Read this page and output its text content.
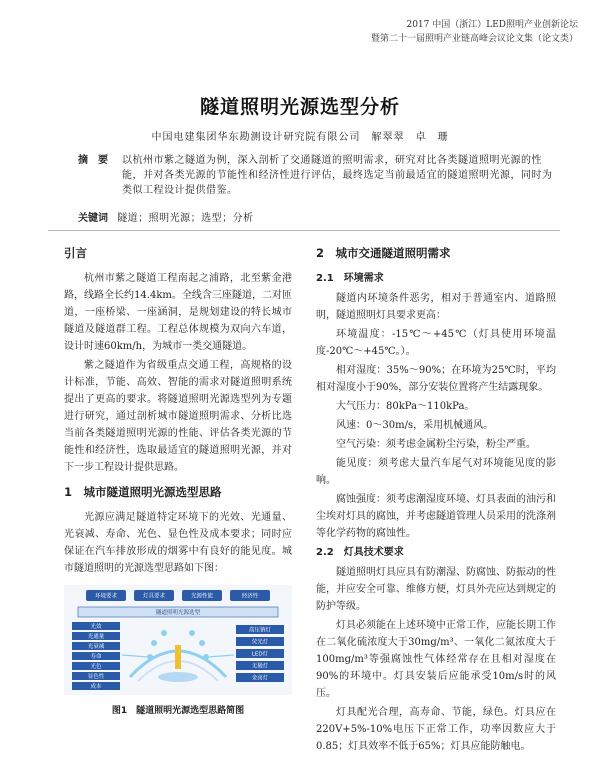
2017 中国（浙江）LED照明产业创新论坛
暨第二十一届照明产业链高峰会议论文集（论文类）
隧道照明光源选型分析
中国电建集团华东勘测设计研究院有限公司　解翠翠　卓　珊
摘　要 以杭州市紫之隧道为例，深入剖析了交通隧道的照明需求，研究对比各类隧道照明光源的性能，并对各类光源的节能性和经济性进行评估，最终选定当前最适宜的隧道照明光源，同时为类似工程设计提供借鉴。
关键词 隧道；照明光源；选型；分析
引言

杭州市紫之隧道工程南起之浦路，北至紫金港路，线路全长约14.4km。全线含三座隧道，二对匝道，一座桥梁、一座涵洞，是规划建设的特长城市隧道及隧道群工程。工程总体规模为双向六车道，设计时速60km/h，为城市一类交通隧道。

紫之隧道作为省级重点交通工程，高规格的设计标准，节能、高效、智能的需求对隧道照明系统提出了更高的要求。将隧道照明光源选型列为专题进行研究，通过剖析城市隧道照明需求、分析比选当前各类隧道照明光源的性能、评估各类光源的节能性和经济性，选取最适宜的隧道照明光源，并对下一步工程设计提供思路。

1　城市隧道照明光源选型思路

光源应满足隧道特定环境下的光效、光通量、光衰减、寿命、光色、显色性及成本要求；同时应保证在汽车排放形成的烟雾中有良好的能见度。城市隧道照明的光源选型思路如下图：

环境要求	灯具要求	光源性能	经济性
隧道照明光源选型
光效
光通量
光衰减
寿命
光色
显色性
成本
高压钠灯
荧光灯
LED灯
无极灯
金卤灯
图1　隧道照明光源选型思路简图
2　城市交通隧道照明需求
2.1　环境需求

隧道内环境条件恶劣，相对于普通室内、道路照明，隧道照明灯具要求更高：

环境温度：-15℃～+45℃（灯具使用环境温度-20℃～+45℃。）。

相对湿度：35%～90%；在环境为25℃时，平均相对湿度小于90%，部分安装位置将产生结露现象。

大气压力：80kPa～110kPa。

风速：0～30m/s，采用机械通风。

空气污染：须考虑金属粉尘污染，粉尘严重。

能见度：须考虑大量汽车尾气对环境能见度的影响。

腐蚀强度：须考虑潮湿度环境、灯具表面的油污和尘埃对灯具的腐蚀，并考虑隧道管理人员采用的洗涤剂等化学药物的腐蚀性。

2.2　灯具技术要求

隧道照明灯具应具有防潮湿、防腐蚀、防振动的性能，并应安全可靠、维修方便，灯具外壳应达到规定的防护等级。

灯具必须能在上述环境中正常工作，应能长期工作在二氧化硫浓度大于30mg/m³、一氧化二氮浓度大于100mg/m³等强腐蚀性气体经常存在且相对湿度在90%的环境中。灯具安装后应能承受10m/s时的风压。

灯具配光合理，高寿命、节能，绿色。灯具应在220V+5%-10%电压下正常工作，功率因数应大于0.85；灯具效率不低于65%；灯具应能防触电。
